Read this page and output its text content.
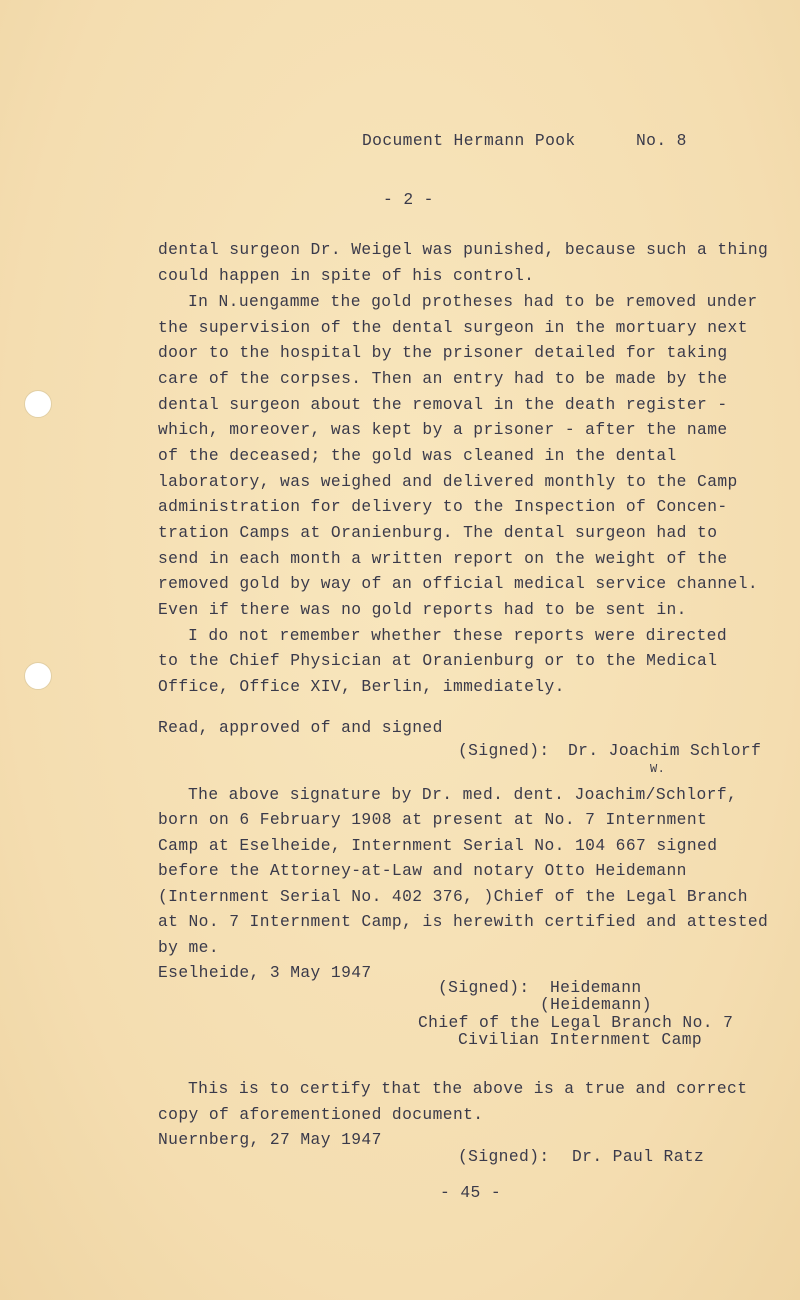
Document Hermann Pook	No. 8
- 2 -
dental surgeon Dr. Weigel was punished, because such a thing
could happen in spite of his control.
In N.uengamme the gold protheses had to be removed under
the supervision of the dental surgeon in the mortuary next
door to the hospital by the prisoner detailed for taking
care of the corpses. Then an entry had to be made by the
dental surgeon about the removal in the death register -
which, moreover, was kept by a prisoner - after the name
of the deceased; the gold was cleaned in the dental
laboratory, was weighed and delivered monthly to the Camp
administration for delivery to the Inspection of Concen-
tration Camps at Oranienburg. The dental surgeon had to
send in each month a written report on the weight of the
removed gold by way of an official medical service channel.
Even if there was no gold reports had to be sent in.
I do not remember whether these reports were directed
to the Chief Physician at Oranienburg or to the Medical
Office, Office XIV, Berlin, immediately.
Read, approved of and signed
(Signed): Dr. Joachim Schlorf
W.
The above signature by Dr. med. dent. Joachim/Schlorf,
born on 6 February 1908 at present at No. 7 Internment
Camp at Eselheide, Internment Serial No. 104 667 signed
before the Attorney-at-Law and notary Otto Heidemann
(Internment Serial No. 402 376, )Chief of the Legal Branch
at No. 7 Internment Camp, is herewith certified and attested
by me.
Eselheide, 3 May 1947
(Signed): Heidemann
(Heidemann)
Chief of the Legal Branch No. 7
Civilian Internment Camp
This is to certify that the above is a true and correct
copy of aforementioned document.
Nuernberg, 27 May 1947
(Signed): Dr. Paul Ratz
- 45 -
